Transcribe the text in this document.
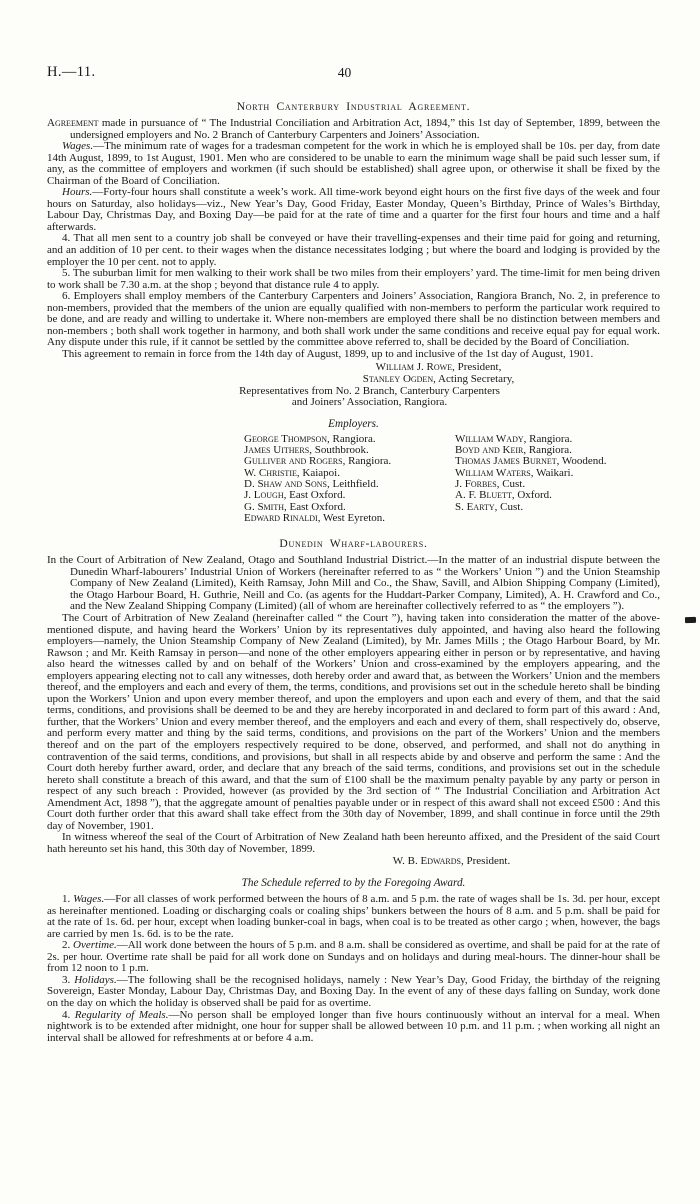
H.—11.	40
North Canterbury Industrial Agreement.

Agreement made in pursuance of “ The Industrial Conciliation and Arbitration Act, 1894,” this 1st day of September, 1899, between the undersigned employers and No. 2 Branch of Canterbury Carpenters and Joiners’ Association.

Wages.—The minimum rate of wages for a tradesman competent for the work in which he is employed shall be 10s. per day, from date 14th August, 1899, to 1st August, 1901. Men who are considered to be unable to earn the minimum wage shall be paid such lesser sum, if any, as the committee of employers and workmen (if such should be established) shall agree upon, or otherwise it shall be fixed by the Chairman of the Board of Conciliation.

Hours.—Forty-four hours shall constitute a week’s work. All time-work beyond eight hours on the first five days of the week and four hours on Saturday, also holidays—viz., New Year’s Day, Good Friday, Easter Monday, Queen’s Birthday, Prince of Wales’s Birthday, Labour Day, Christmas Day, and Boxing Day—be paid for at the rate of time and a quarter for the first four hours and time and a half afterwards.

4. That all men sent to a country job shall be conveyed or have their travelling-expenses and their time paid for going and returning, and an addition of 10 per cent. to their wages when the distance necessitates lodging ; but where the board and lodging is provided by the employer the 10 per cent. not to apply.

5. The suburban limit for men walking to their work shall be two miles from their employers’ yard. The time-limit for men being driven to work shall be 7.30 a.m. at the shop ; beyond that distance rule 4 to apply.

6. Employers shall employ members of the Canterbury Carpenters and Joiners’ Association, Rangiora Branch, No. 2, in preference to non-members, provided that the members of the union are equally qualified with non-members to perform the particular work required to be done, and are ready and willing to undertake it. Where non-members are employed there shall be no distinction between members and non-members ; both shall work together in harmony, and both shall work under the same conditions and receive equal pay for equal work. Any dispute under this rule, if it cannot be settled by the committee above referred to, shall be decided by the Board of Conciliation.

This agreement to remain in force from the 14th day of August, 1899, up to and inclusive of the 1st day of August, 1901.

William J. Rowe, President,
Stanley Ogden, Acting Secretary,
Representatives from No. 2 Branch, Canterbury Carpenters
and Joiners’ Association, Rangiora.
Employers.
George Thompson, Rangiora.
James Uithers, Southbrook.
Gulliver and Rogers, Rangiora.
W. Christie, Kaiapoi.
D. Shaw and Sons, Leithfield.
J. Lough, East Oxford.
G. Smith, East Oxford.
Edward Rinaldi, West Eyreton.
William Wady, Rangiora.
Boyd and Keir, Rangiora.
Thomas James Burnet, Woodend.
William Waters, Waikari.
J. Forbes, Cust.
A. F. Bluett, Oxford.
S. Earty, Cust.
Dunedin Wharf-labourers.

In the Court of Arbitration of New Zealand, Otago and Southland Industrial District.—In the matter of an industrial dispute between the Dunedin Wharf-labourers’ Industrial Union of Workers (hereinafter referred to as “ the Workers’ Union ”) and the Union Steamship Company of New Zealand (Limited), Keith Ramsay, John Mill and Co., the Shaw, Savill, and Albion Shipping Company (Limited), the Otago Harbour Board, H. Guthrie, Neill and Co. (as agents for the Huddart-Parker Company, Limited), A. H. Crawford and Co., and the New Zealand Shipping Company (Limited) (all of whom are hereinafter collectively referred to as “ the employers ”).

The Court of Arbitration of New Zealand (hereinafter called “ the Court ”), having taken into consideration the matter of the above-mentioned dispute, and having heard the Workers’ Union by its representatives duly appointed, and having also heard the following employers—namely, the Union Steamship Company of New Zealand (Limited), by Mr. James Mills ; the Otago Harbour Board, by Mr. Rawson ; and Mr. Keith Ramsay in person—and none of the other employers appearing either in person or by representative, and having also heard the witnesses called by and on behalf of the Workers’ Union and cross-examined by the employers appearing, and the employers appearing electing not to call any witnesses, doth hereby order and award that, as between the Workers’ Union and the members thereof, and the employers and each and every of them, the terms, conditions, and provisions set out in the schedule hereto shall be binding upon the Workers’ Union and upon every member thereof, and upon the employers and upon each and every of them, and that the said terms, conditions, and provisions shall be deemed to be and they are hereby incorporated in and declared to form part of this award : And, further, that the Workers’ Union and every member thereof, and the employers and each and every of them, shall respectively do, observe, and perform every matter and thing by the said terms, conditions, and provisions on the part of the Workers’ Union and the members thereof and on the part of the employers respectively required to be done, observed, and performed, and shall not do anything in contravention of the said terms, conditions, and provisions, but shall in all respects abide by and observe and perform the same : And the Court doth hereby further award, order, and declare that any breach of the said terms, conditions, and provisions set out in the schedule hereto shall constitute a breach of this award, and that the sum of £100 shall be the maximum penalty payable by any party or person in respect of any such breach : Provided, however (as provided by the 3rd section of “ The Industrial Conciliation and Arbitration Act Amendment Act, 1898 ”), that the aggregate amount of penalties payable under or in respect of this award shall not exceed £500 : And this Court doth further order that this award shall take effect from the 30th day of November, 1899, and shall continue in force until the 29th day of November, 1901.

In witness whereof the seal of the Court of Arbitration of New Zealand hath been hereunto affixed, and the President of the said Court hath hereunto set his hand, this 30th day of November, 1899.

W. B. Edwards, President.
The Schedule referred to by the Foregoing Award.

1. Wages.—For all classes of work performed between the hours of 8 a.m. and 5 p.m. the rate of wages shall be 1s. 3d. per hour, except as hereinafter mentioned. Loading or discharging coals or coaling ships’ bunkers between the hours of 8 a.m. and 5 p.m. shall be paid for at the rate of 1s. 6d. per hour, except when loading bunker-coal in bags, when coal is to be treated as other cargo ; when, however, the bags are carried by men 1s. 6d. is to be the rate.

2. Overtime.—All work done between the hours of 5 p.m. and 8 a.m. shall be considered as overtime, and shall be paid for at the rate of 2s. per hour. Overtime rate shall be paid for all work done on Sundays and on holidays and during meal-hours. The dinner-hour shall be from 12 noon to 1 p.m.

3. Holidays.—The following shall be the recognised holidays, namely : New Year’s Day, Good Friday, the birthday of the reigning Sovereign, Easter Monday, Labour Day, Christmas Day, and Boxing Day. In the event of any of these days falling on Sunday, work done on the day on which the holiday is observed shall be paid for as overtime.

4. Regularity of Meals.—No person shall be employed longer than five hours continuously without an interval for a meal. When nightwork is to be extended after midnight, one hour for supper shall be allowed between 10 p.m. and 11 p.m. ; when working all night an interval shall be allowed for refreshments at or before 4 a.m.
